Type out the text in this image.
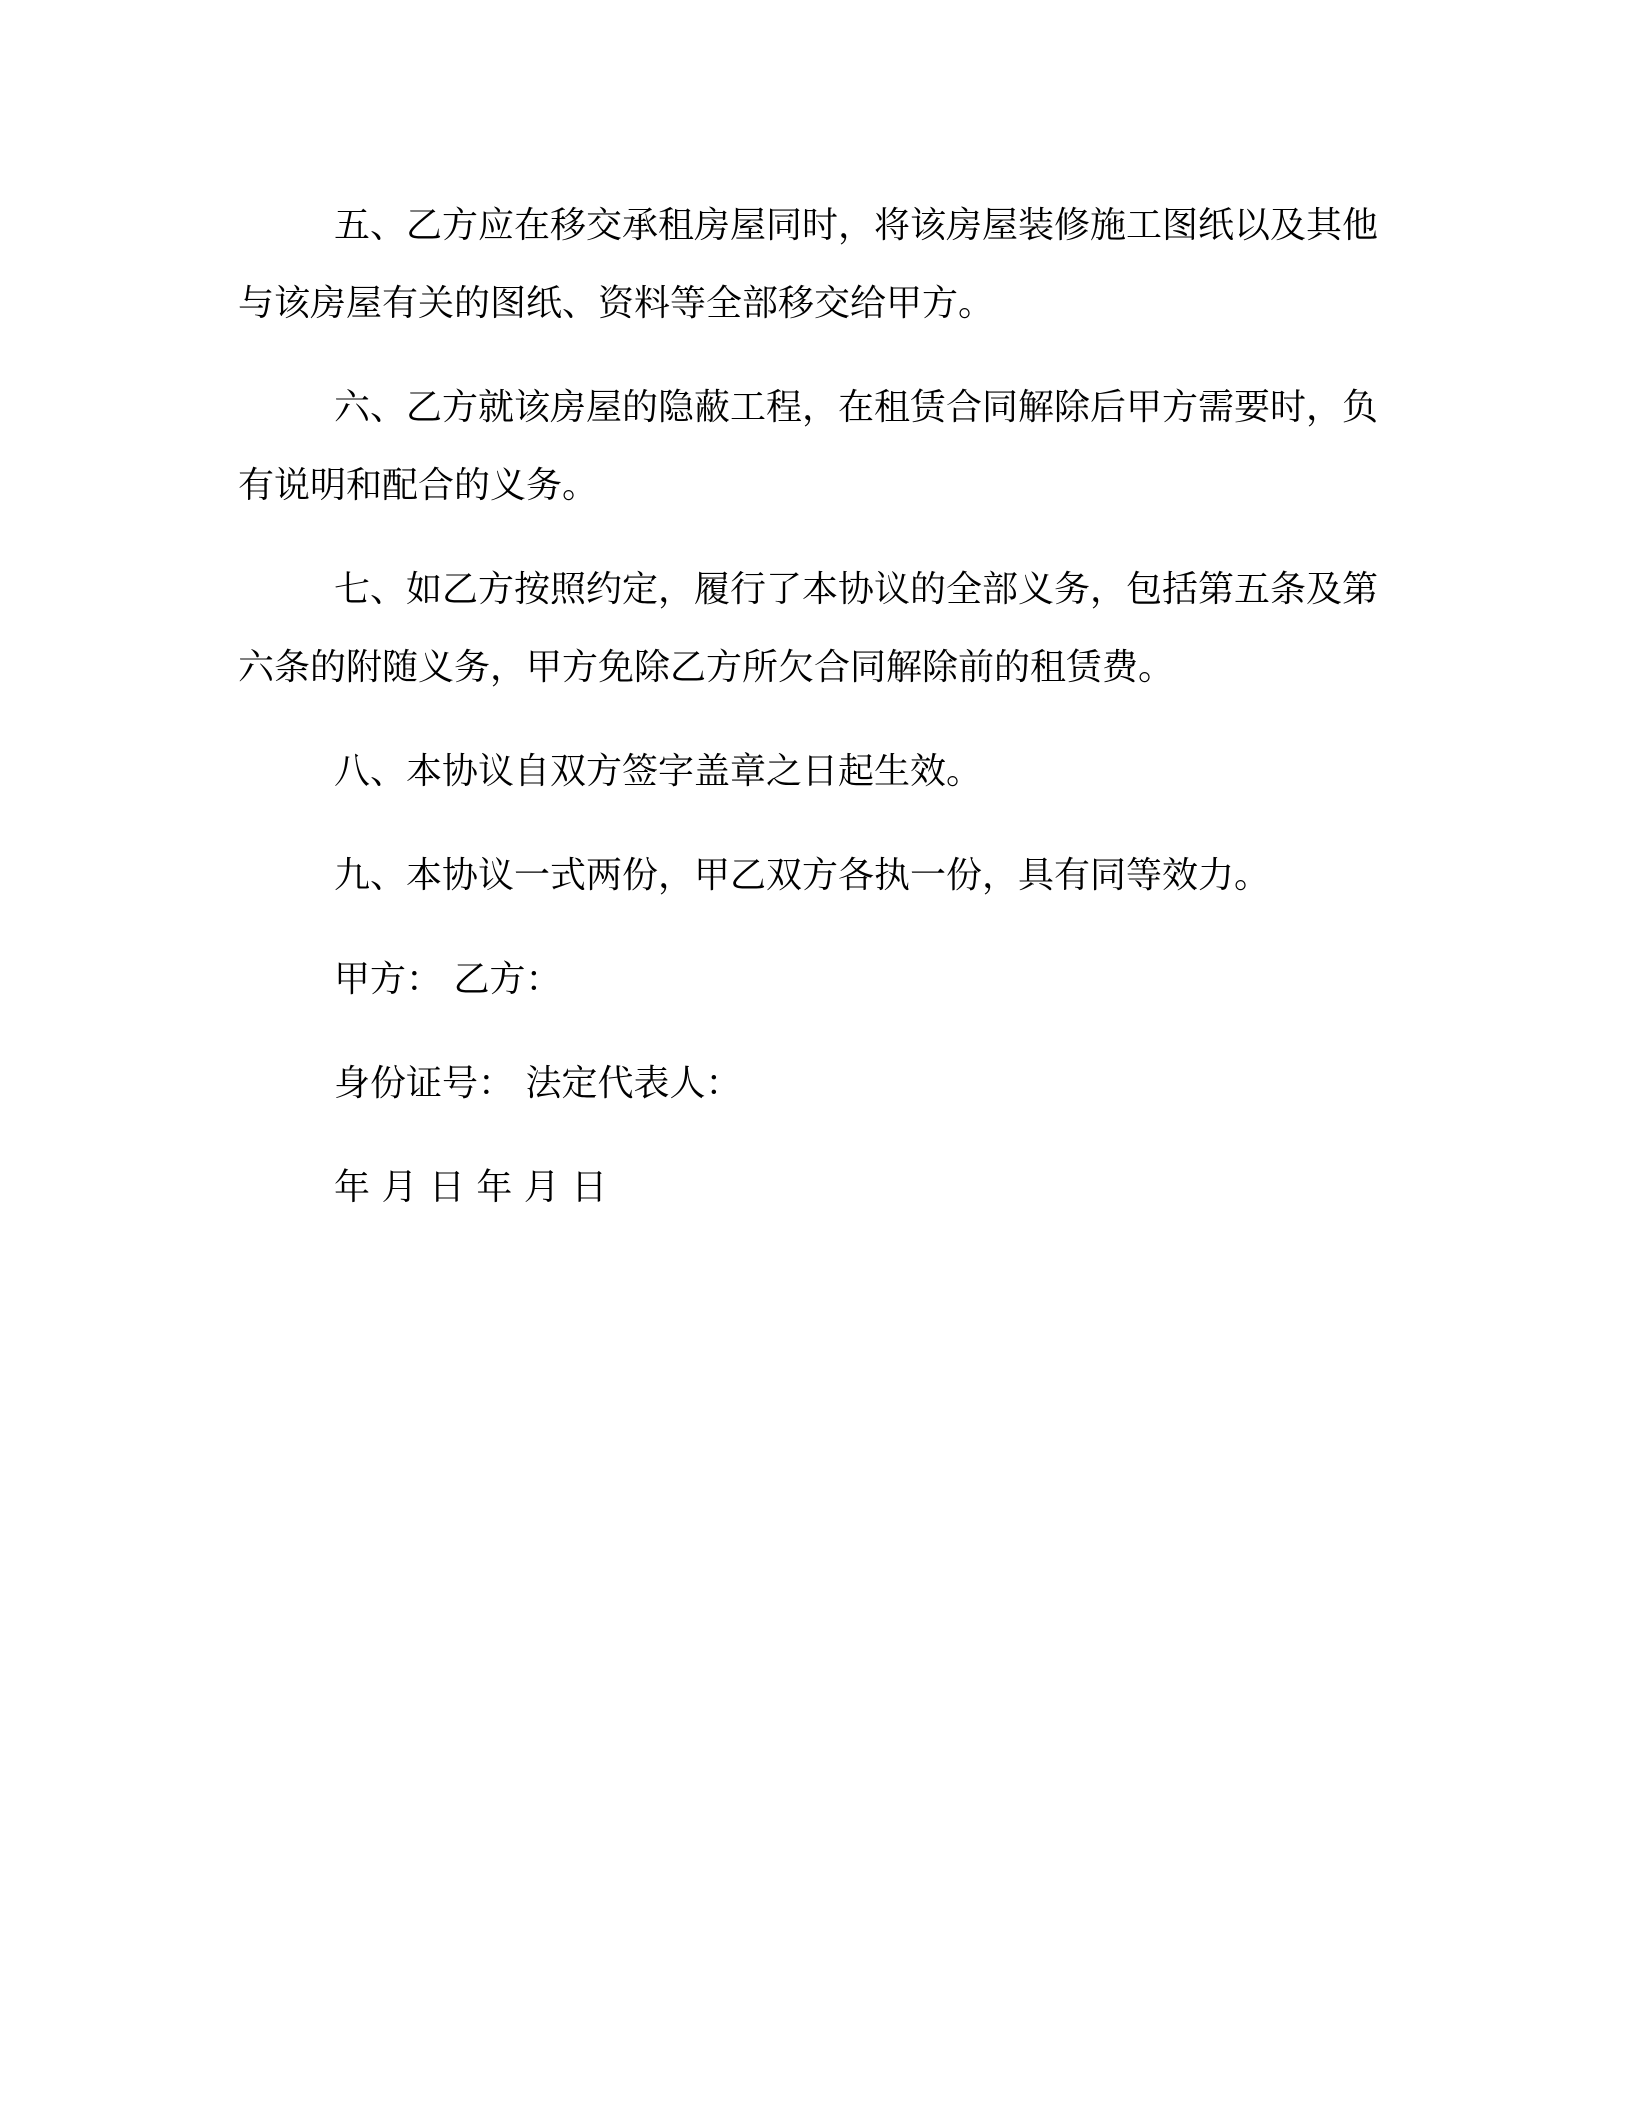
五、乙方应在移交承租房屋同时，将该房屋装修施工图纸以及其他与该房屋有关的图纸、资料等全部移交给甲方。

六、乙方就该房屋的隐蔽工程，在租赁合同解除后甲方需要时，负有说明和配合的义务。

七、如乙方按照约定，履行了本协议的全部义务，包括第五条及第六条的附随义务，甲方免除乙方所欠合同解除前的租赁费。

八、本协议自双方签字盖章之日起生效。

九、本协议一式两份，甲乙双方各执一份，具有同等效力。

甲方： 乙方：

身份证号： 法定代表人：

年 月 日 年 月 日
